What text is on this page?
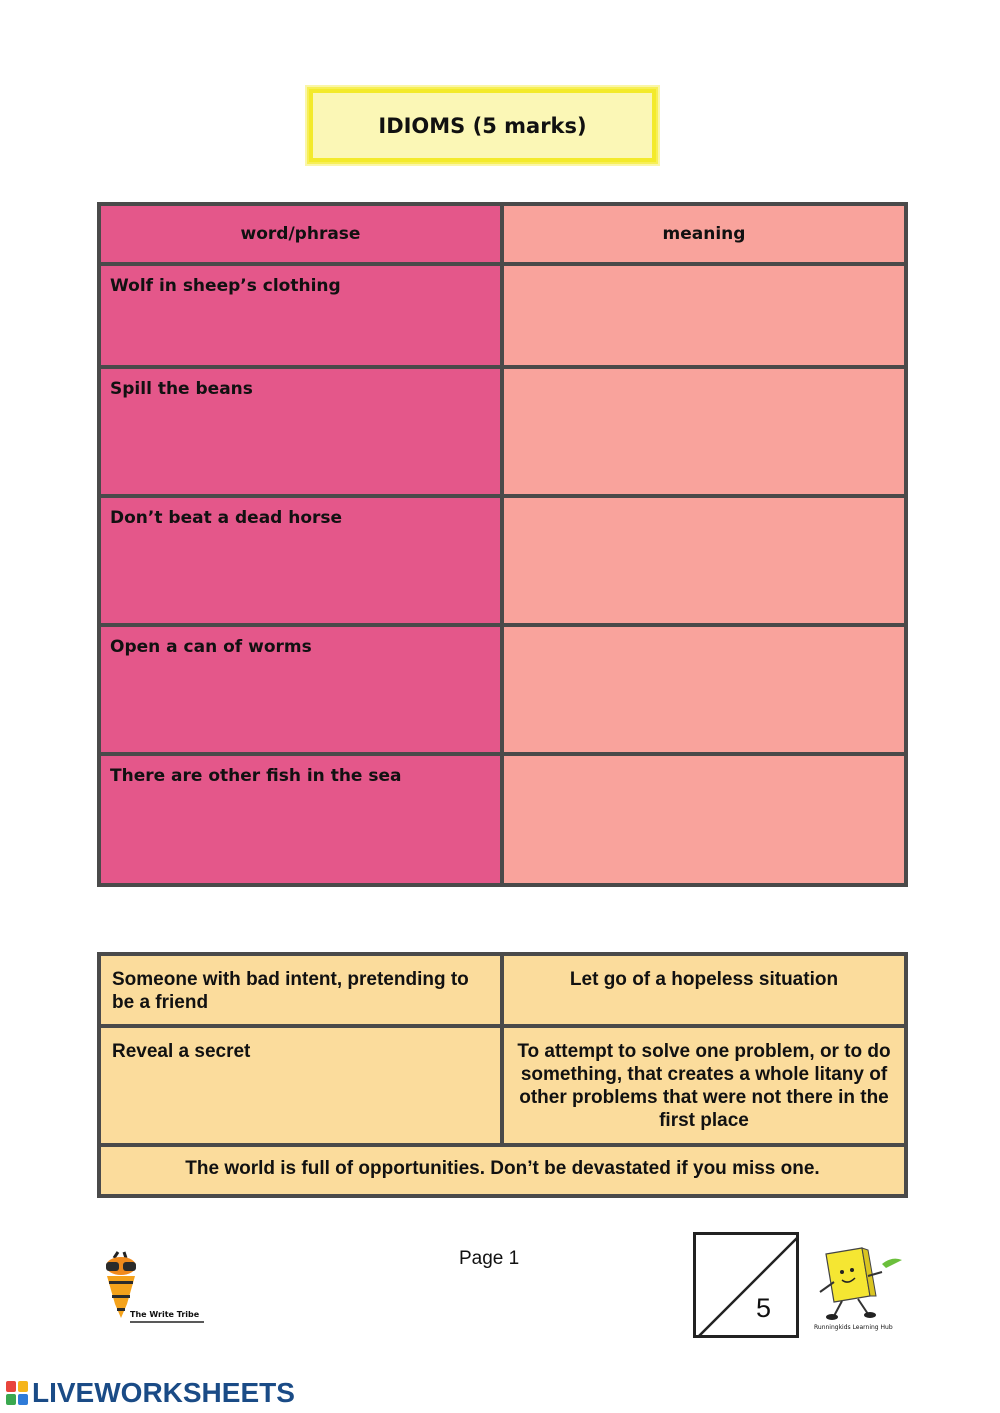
IDIOMS (5 marks)
word/phrase	meaning
Wolf in sheep’s clothing	

Spill the beans	

Don’t beat a dead horse	

Open a can of worms	

There are other fish in the sea	
Someone with bad intent, pretending to be a friend	Let go of a hopeless situation
Reveal a secret	To attempt to solve one problem, or to do something, that creates a whole litany of other problems that were not there in the first place
The world is full of opportunities. Don’t be devastated if you miss one.	
The Write Tribe
Page 1
5
Runningkids Learning Hub
LIVEWORKSHEETS
